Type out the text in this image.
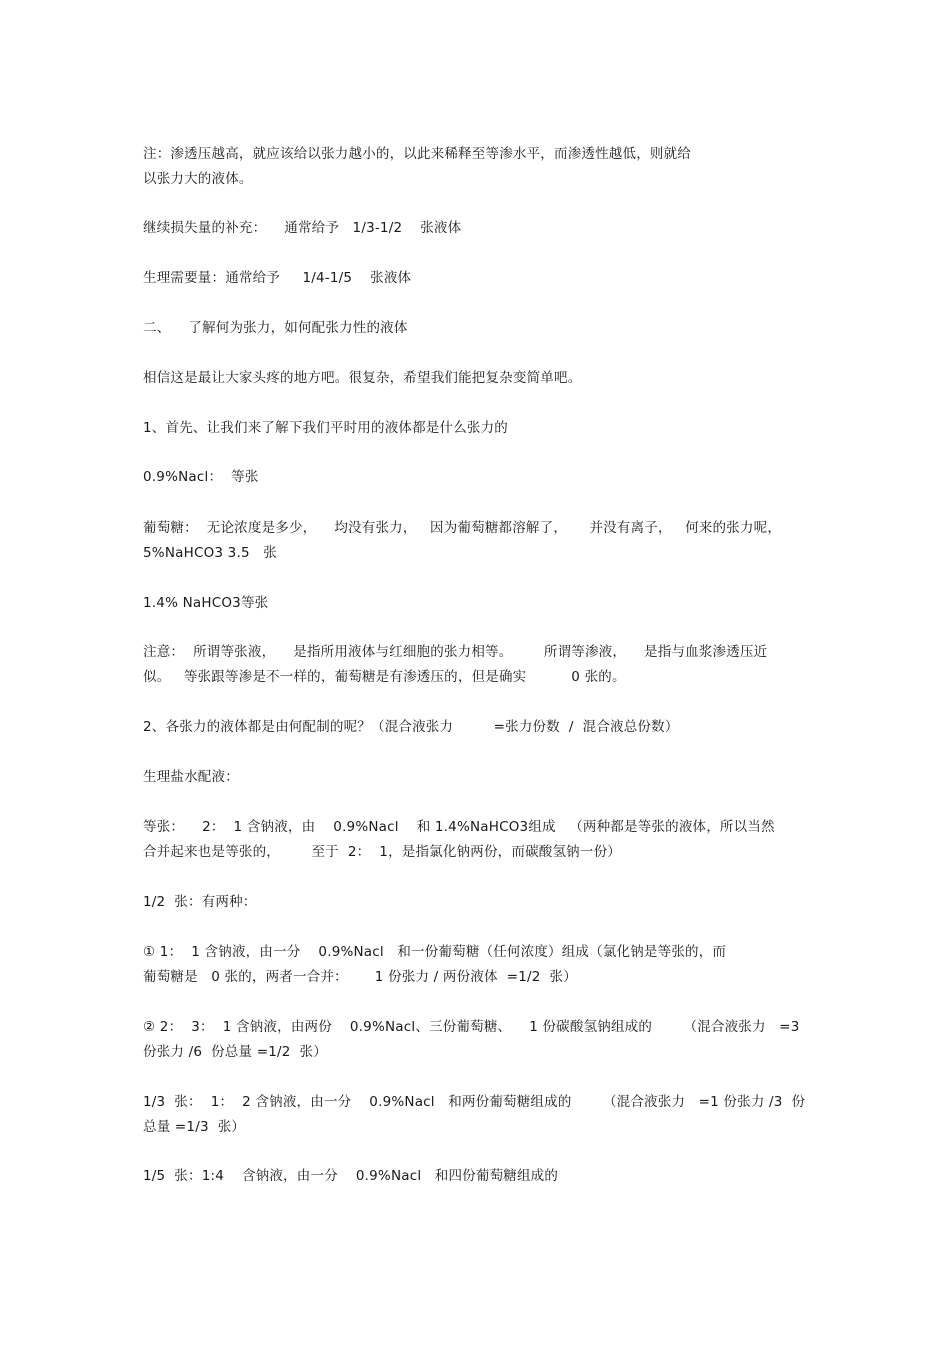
注：渗透压越高，就应该给以张力越小的，以此来稀释至等渗水平，而渗透性越低，则就给
以张力大的液体。
继续损失量的补充：    通常给予   1/3-1/2    张液体
生理需要量：通常给予     1/4-1/5    张液体
二、    了解何为张力，如何配张力性的液体
相信这是最让大家头疼的地方吧。很复杂，希望我们能把复杂变简单吧。
1、首先、让我们来了解下我们平时用的液体都是什么张力的
0.9%Nacl：  等张
葡萄糖：  无论浓度是多少，    均没有张力，   因为葡萄糖都溶解了，     并没有离子，   何来的张力呢，
5%NaHCO3 3.5   张
1.4% NaHCO3等张
注意：  所谓等张液，    是指所用液体与红细胞的张力相等。       所谓等渗液，    是指与血浆渗透压近
似。   等张跟等渗是不一样的，葡萄糖是有渗透压的，但是确实          0 张的。
2、各张力的液体都是由何配制的呢？（混合液张力         =张力份数  /  混合液总份数）
生理盐水配液：
等张：    2：  1 含钠液，由    0.9%Nacl    和 1.4%NaHCO3组成   （两种都是等张的液体，所以当然
合并起来也是等张的，       至于  2：  1，是指氯化钠两份，而碳酸氢钠一份）
1/2  张：有两种：
① 1：  1 含钠液，由一分    0.9%Nacl   和一份葡萄糖（任何浓度）组成（氯化钠是等张的，而
葡萄糖是   0 张的，两者一合并：      1 份张力 / 两份液体  =1/2  张）
② 2：  3：  1 含钠液，由两份    0.9%Nacl、三份葡萄糖、    1 份碳酸氢钠组成的       （混合液张力   =3
份张力 /6  份总量 =1/2  张）
1/3  张：  1：  2 含钠液，由一分    0.9%Nacl   和两份葡萄糖组成的       （混合液张力   =1 份张力 /3  份
总量 =1/3  张）
1/5  张：1:4    含钠液，由一分    0.9%Nacl   和四份葡萄糖组成的
